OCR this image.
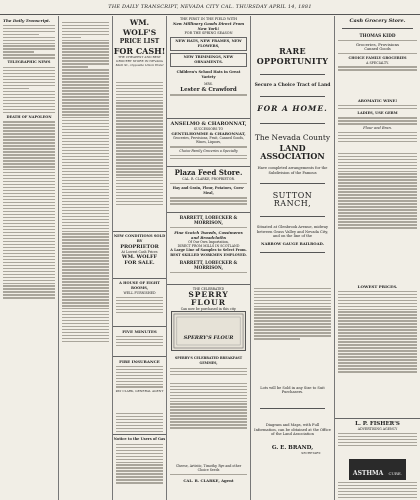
THE DAILY TRANSCRIPT, NEVADA CITY CAL. THURSDAY APRIL 14, 1881
The Daily Transcript.
TELEGRAPHIC NEWS
DEATH OF NAPOLEON
WM. WOLF'S
PRICE LIST
FOR CASH!
THE CHEAPEST AND BEST GROCERY STORE IN NEVADA
Main St., Opposite Union Hotel
NEW CONDITIONS SOLD BY
PROPRIETOR
At Lowest Cash Prices
WM. WOLFF
FOR SALE.
A HOUSE OF EIGHT ROOMS,
WELL FURNISHED
FIVE MINUTES
FIRE INSURANCE
PAY CLARK, GENERAL AGENT
Notice to the Users of Gas
THE FIRST IN THE FIELD WITH
New Millinery Goods Direct From New York!
FOR THE SPRING SEASON
NEW HATS, NEW FRAMES, NEW FLOWERS,
NEW TRIMMINGS, NEW ORNAMENTS.
Children's School Hats in Great Variety
MRS.
Lester & Crawford
ANSELMO & CHARONNAT,
SUCCESSORS TO
GENTILHOMME & CHARONNAT,
Groceries, Provisions, Fruit, Canned Goods, Wines, Liquors,
Choice Family Groceries a Specialty
Plaza Feed Store.
CAL. R. CLARKE, PROPRIETOR.
Hay and Grain, Flour, Potatoes, Corn-Meal,
BARRETT, LOBECKER & MORRISON,
Fine Scotch Tweeds, Cassimeres and Broadcloths
Of Our Own Importation,
DIRECT FROM MILLS IN SCOTLAND
A Large Line of Samples to Select From.
BEST SKILLED WORKMEN EMPLOYED.
BARRETT, LOBECKER & MORRISON,
THE CELEBRATED
SPERRY FLOUR
Can now be purchased in this city.
SPERRY'S FLOUR
SPERRY'S CELEBRATED BREAKFAST GEMMES,
Cheese, Artistic, Timothy, Rye and other Choice Seeds
CAL. R. CLARKE, Agent
RARE OPPORTUNITY
Secure a Choice Tract of Land
FOR A HOME.
The Nevada County
LAND ASSOCIATION
Have completed arrangements for the Subdivision of the Famous
SUTTON RANCH,
Situated at Glenbrook Avenue, midway between Grass Valley and Nevada City, and on the line of the
NARROW GAUGE RAILROAD.
Lots will be Sold in any Size to Suit Purchasers.
Diagram and Maps, with Full Information, can be obtained at the Office of the Land Association
G. E. BRAND,
SECRETARY.
Cash Grocery Store.
THOMAS KIDD
Groceries, Provisions
Canned Goods
CHOICE FAMILY GROCERIES
A SPECIALTY.
AROMATIC WINE!
LADIES, USE GERM
Flour and Bran.
LOWEST PRICES.
L. P. FISHER'S
ADVERTISING AGENCY
ASTHMA CURE.
